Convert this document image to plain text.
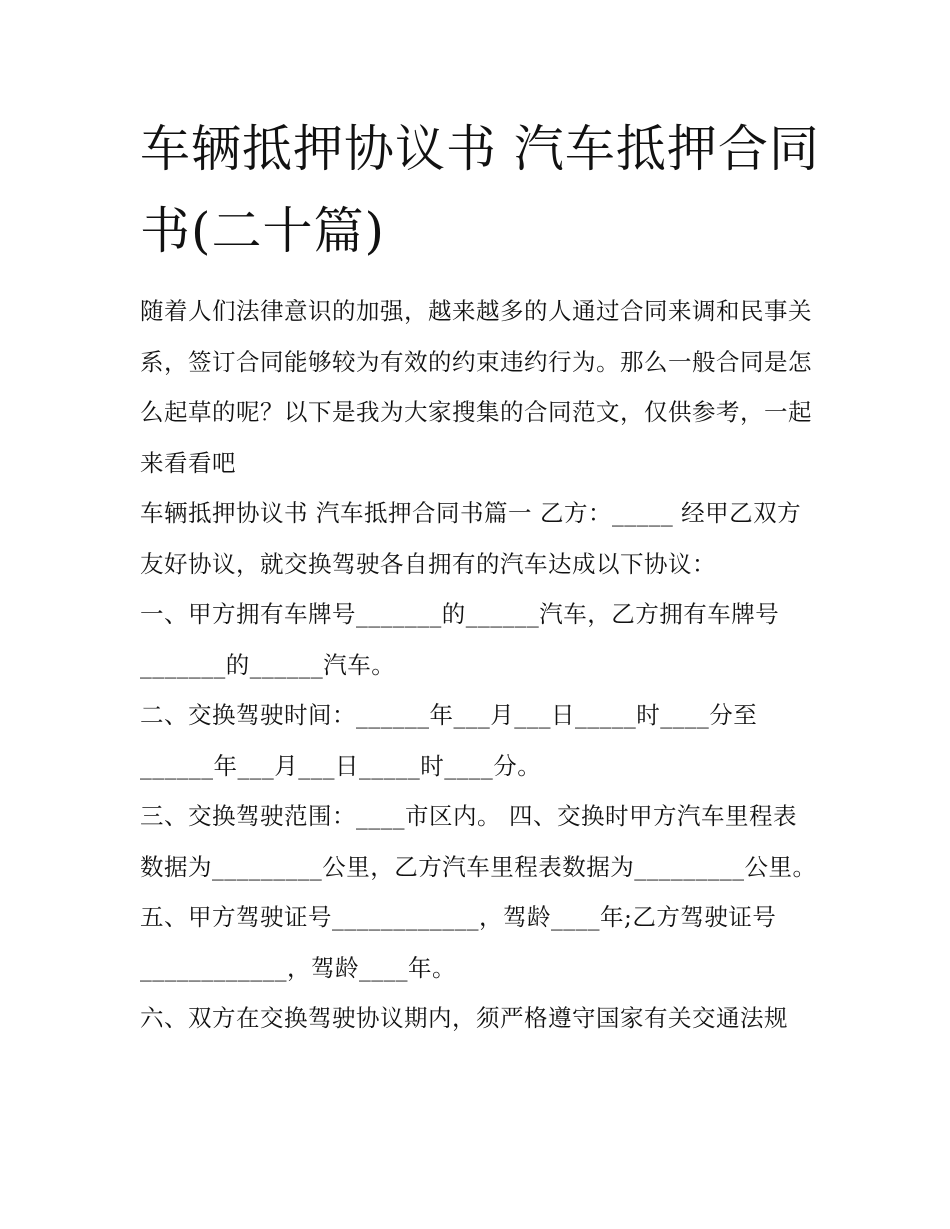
车辆抵押协议书 汽车抵押合同书(二十篇)

随着人们法律意识的加强，越来越多的人通过合同来调和民事关系，签订合同能够较为有效的约束违约行为。那么一般合同是怎么起草的呢？以下是我为大家搜集的合同范文，仅供参考，一起来看看吧

车辆抵押协议书 汽车抵押合同书篇一 乙方：_____ 经甲乙双方友好协议，就交换驾驶各自拥有的汽车达成以下协议：

一、甲方拥有车牌号_______的______汽车，乙方拥有车牌号_______的______汽车。

二、交换驾驶时间：______年___月___日_____时____分至______年___月___日_____时____分。

三、交换驾驶范围：____市区内。 四、交换时甲方汽车里程表数据为_________公里，乙方汽车里程表数据为_________公里。

五、甲方驾驶证号____________，驾龄____年;乙方驾驶证号____________，驾龄____年。

六、双方在交换驾驶协议期内，须严格遵守国家有关交通法规
